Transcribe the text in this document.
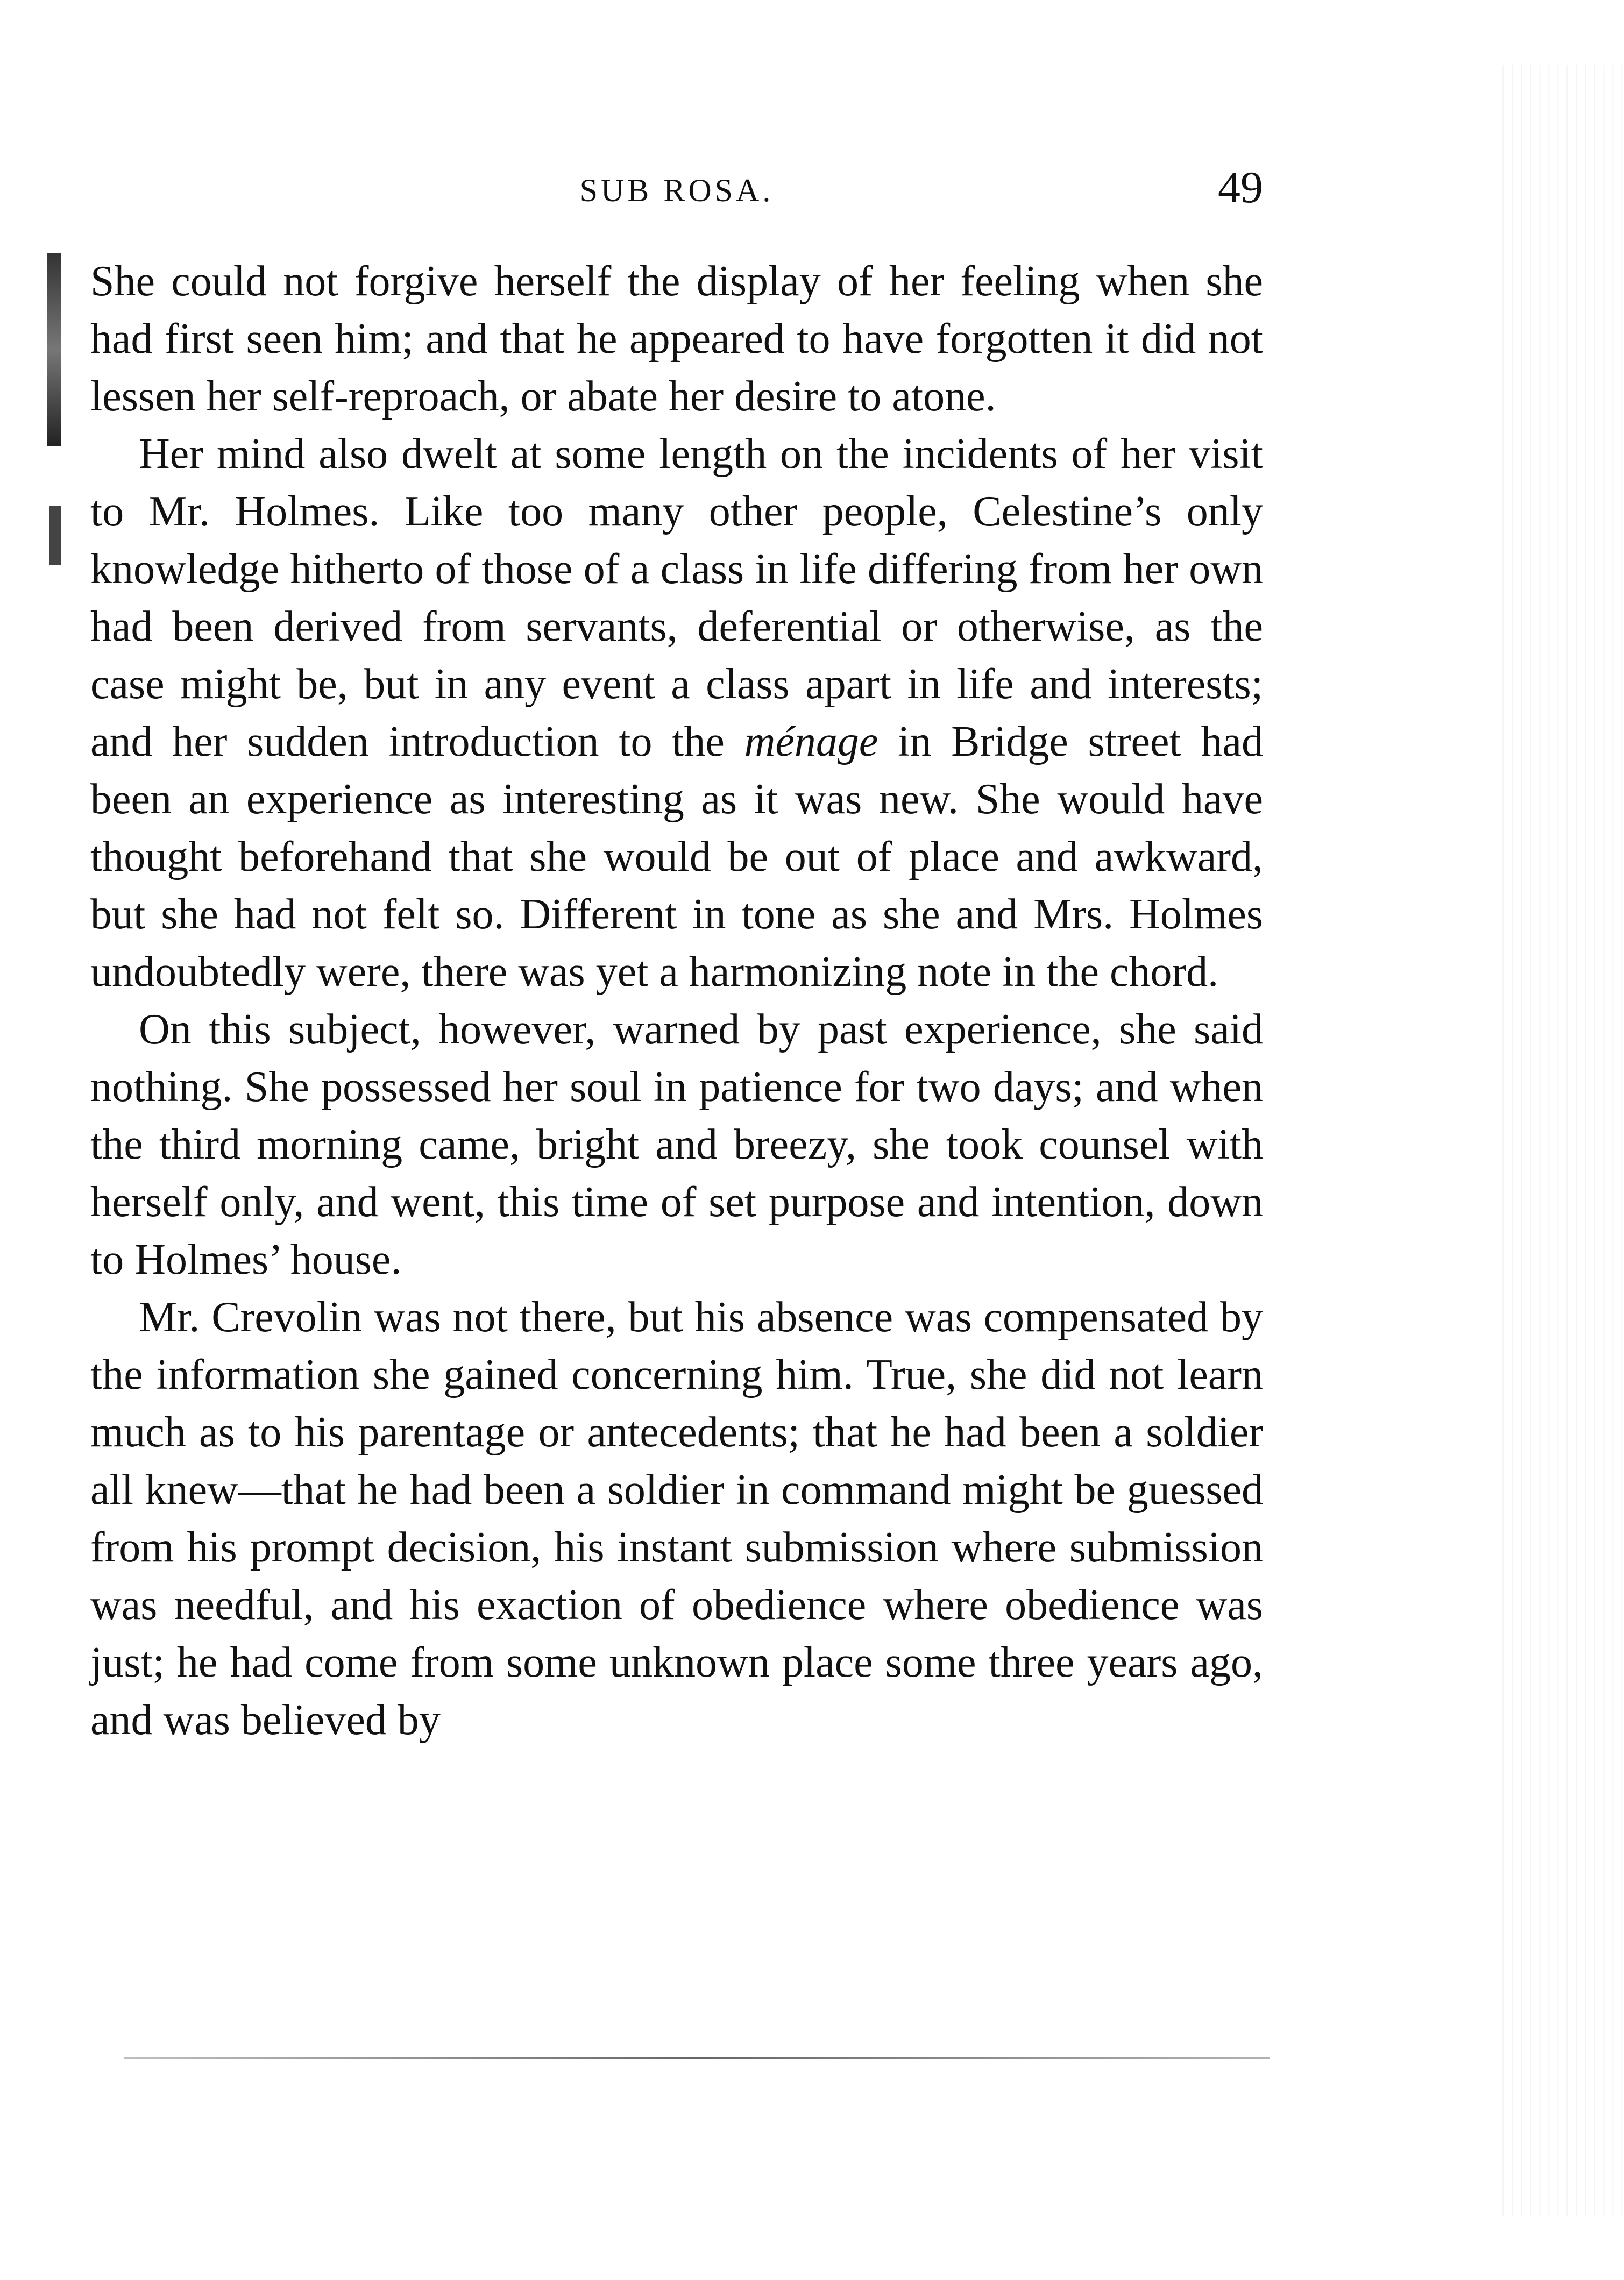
SUB ROSA.	49

She could not forgive herself the display of her feeling when she had first seen him; and that he appeared to have forgotten it did not lessen her self-reproach, or abate her desire to atone.

Her mind also dwelt at some length on the incidents of her visit to Mr. Holmes. Like too many other people, Celestine’s only knowledge hitherto of those of a class in life differing from her own had been derived from servants, deferential or otherwise, as the case might be, but in any event a class apart in life and interests; and her sudden introduction to the ménage in Bridge street had been an experience as interesting as it was new. She would have thought beforehand that she would be out of place and awkward, but she had not felt so. Different in tone as she and Mrs. Holmes undoubtedly were, there was yet a harmonizing note in the chord.

On this subject, however, warned by past experience, she said nothing. She possessed her soul in patience for two days; and when the third morning came, bright and breezy, she took counsel with herself only, and went, this time of set purpose and intention, down to Holmes’ house.

Mr. Crevolin was not there, but his absence was compensated by the information she gained concerning him. True, she did not learn much as to his parentage or antecedents; that he had been a soldier all knew—that he had been a soldier in command might be guessed from his prompt decision, his instant submission where submission was needful, and his exaction of obedience where obedience was just; he had come from some unknown place some three years ago, and was believed by
